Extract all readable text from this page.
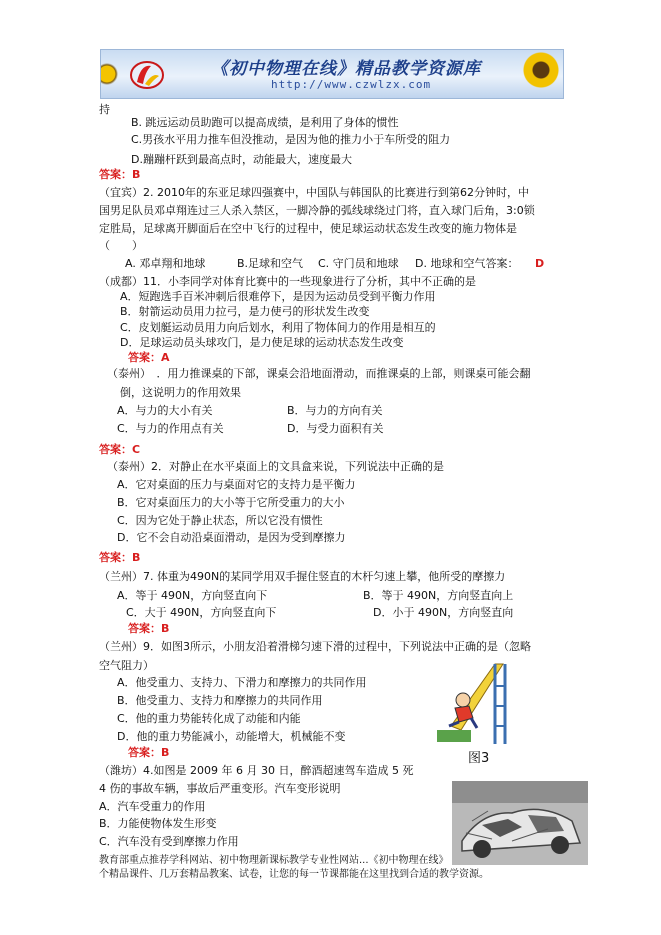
《初中物理在线》精品教学资源库
http://www.czwlzx.com
持
B. 跳远运动员助跑可以提高成绩，是利用了身体的惯性
C.男孩水平用力推车但没推动，是因为他的推力小于车所受的阻力
D.蹦蹦杆跃到最高点时，动能最大，速度最大
答案：B
（宜宾）2. 2010年的东亚足球四强赛中，中国队与韩国队的比赛进行到第62分钟时，中
国男足队员邓卓翔连过三人杀入禁区，一脚冷静的弧线球绕过门将，直入球门后角，3:0锁
定胜局，足球离开脚面后在空中飞行的过程中，使足球运动状态发生改变的施力物体是
（　　）
A. 邓卓翔和地球	B.足球和空气 C. 守门员和地球 D. 地球和空气答案： D
（成都）11．小李同学对体育比赛中的一些现象进行了分析，其中不正确的是
A．短跑选手百米冲刺后很难停下，是因为运动员受到平衡力作用
B．射箭运动员用力拉弓，是力使弓的形状发生改变
C．皮划艇运动员用力向后划水，利用了物体间力的作用是相互的
D．足球运动员头球攻门，是力使足球的运动状态发生改变
答案：A
（泰州）　．用力推课桌的下部，课桌会沿地面滑动，而推课桌的上部，则课桌可能会翻
倒，这说明力的作用效果
A．与力的大小有关	B．与力的方向有关
C．与力的作用点有关	D．与受力面积有关
答案：C
（泰州）2．对静止在水平桌面上的文具盒来说，下列说法中正确的是
A．它对桌面的压力与桌面对它的支持力是平衡力
B．它对桌面压力的大小等于它所受重力的大小
C．因为它处于静止状态，所以它没有惯性
D．它不会自动沿桌面滑动，是因为受到摩擦力
答案：B
（兰州）7. 体重为490N的某同学用双手握住竖直的木杆匀速上攀，他所受的摩擦力
A．等于 490N，方向竖直向下	B．等于 490N，方向竖直向上
C．大于 490N，方向竖直向下	D．小于 490N，方向竖直向
答案：B
（兰州）9．如图3所示，小朋友沿着滑梯匀速下滑的过程中，下列说法中正确的是（忽略
空气阻力）
A．他受重力、支持力、下滑力和摩擦力的共同作用
B．他受重力、支持力和摩擦力的共同作用
C．他的重力势能转化成了动能和内能
D．他的重力势能减小，动能增大，机械能不变
答案：B
（潍坊）4.如图是 2009 年 6 月 30 日，醉酒超速驾车造成 5 死
4 伤的事故车辆，事故后严重变形。汽车变形说明
A．汽车受重力的作用
B．力能使物体发生形变
C．汽车没有受到摩擦力作用
图3
教育部重点推荐学科网站、初中物理新课标教学专业性网站...《初中物理在线》
个精品课件、几万套精品教案、试卷，让您的每一节课都能在这里找到合适的教学资源。
